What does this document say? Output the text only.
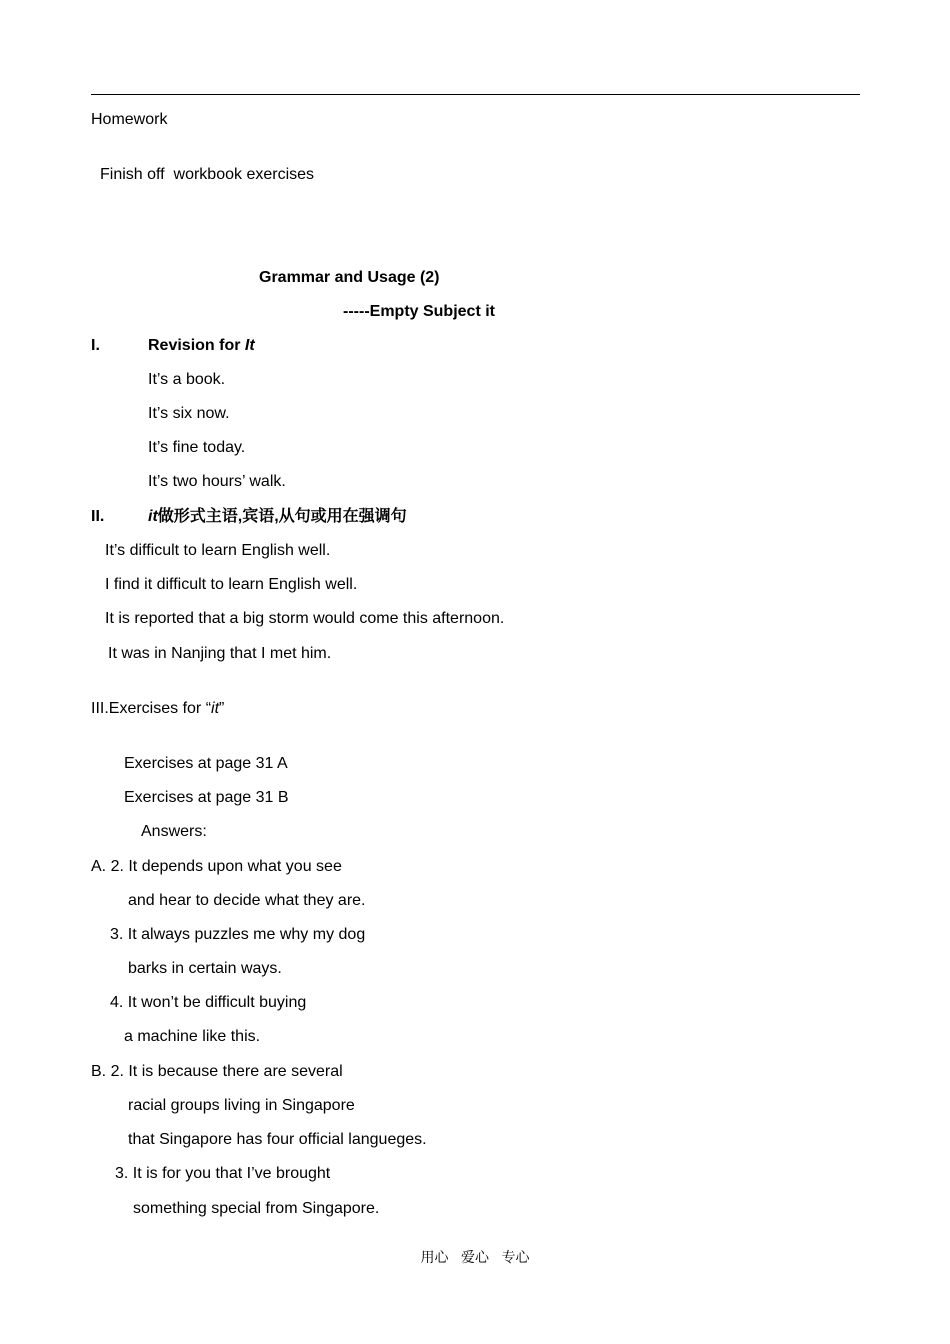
Homework
Finish off  workbook exercises
Grammar and Usage (2)
-----Empty Subject it
I.	Revision for It
It’s a book.
It’s six now.
It’s fine today.
It’s two hours’ walk.
II.	it做形式主语,宾语,从句或用在强调句
It’s difficult to learn English well.
I find it difficult to learn English well.
It is reported that a big storm would come this afternoon.
It was in Nanjing that I met him.
III.Exercises for “it”
Exercises at page 31 A
Exercises at page 31 B
Answers:
A. 2. It depends upon what you see
and hear to decide what they are.
3. It always puzzles me why my dog
barks in certain ways.
4. It won’t be difficult buying
a machine like this.
B. 2. It is because there are several
racial groups living in Singapore
that Singapore has four official langueges.
3. It is for you that I’ve brought
something special from Singapore.
用心 爱心 专心
